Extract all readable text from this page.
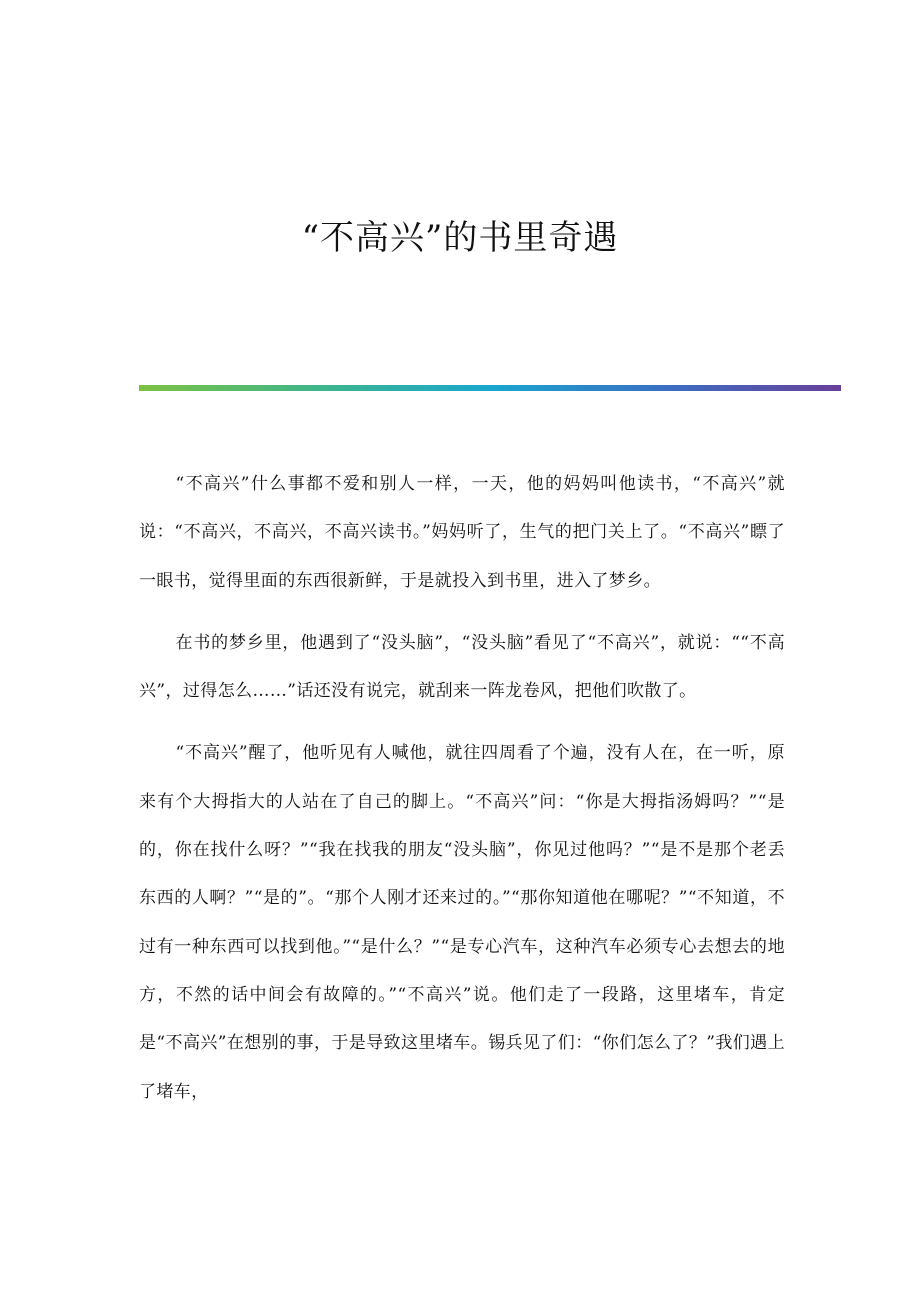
“不高兴”的书里奇遇

“不高兴”什么事都不爱和别人一样，一天，他的妈妈叫他读书，“不高兴”就说：“不高兴，不高兴，不高兴读书。”妈妈听了，生气的把门关上了。“不高兴”瞟了一眼书，觉得里面的东西很新鲜，于是就投入到书里，进入了梦乡。

在书的梦乡里，他遇到了“没头脑”，“没头脑”看见了“不高兴”，就说：““不高兴”，过得怎么……”话还没有说完，就刮来一阵龙卷风，把他们吹散了。

“不高兴”醒了，他听见有人喊他，就往四周看了个遍，没有人在，在一听，原来有个大拇指大的人站在了自己的脚上。“不高兴”问：“你是大拇指汤姆吗？”“是的，你在找什么呀？”“我在找我的朋友“没头脑”，你见过他吗？”“是不是那个老丢东西的人啊？”“是的”。“那个人刚才还来过的。”“那你知道他在哪呢？”“不知道，不过有一种东西可以找到他。”“是什么？”“是专心汽车，这种汽车必须专心去想去的地方，不然的话中间会有故障的。”“不高兴”说。他们走了一段路，这里堵车，肯定是“不高兴”在想别的事，于是导致这里堵车。锡兵见了们：“你们怎么了？”我们遇上了堵车，
